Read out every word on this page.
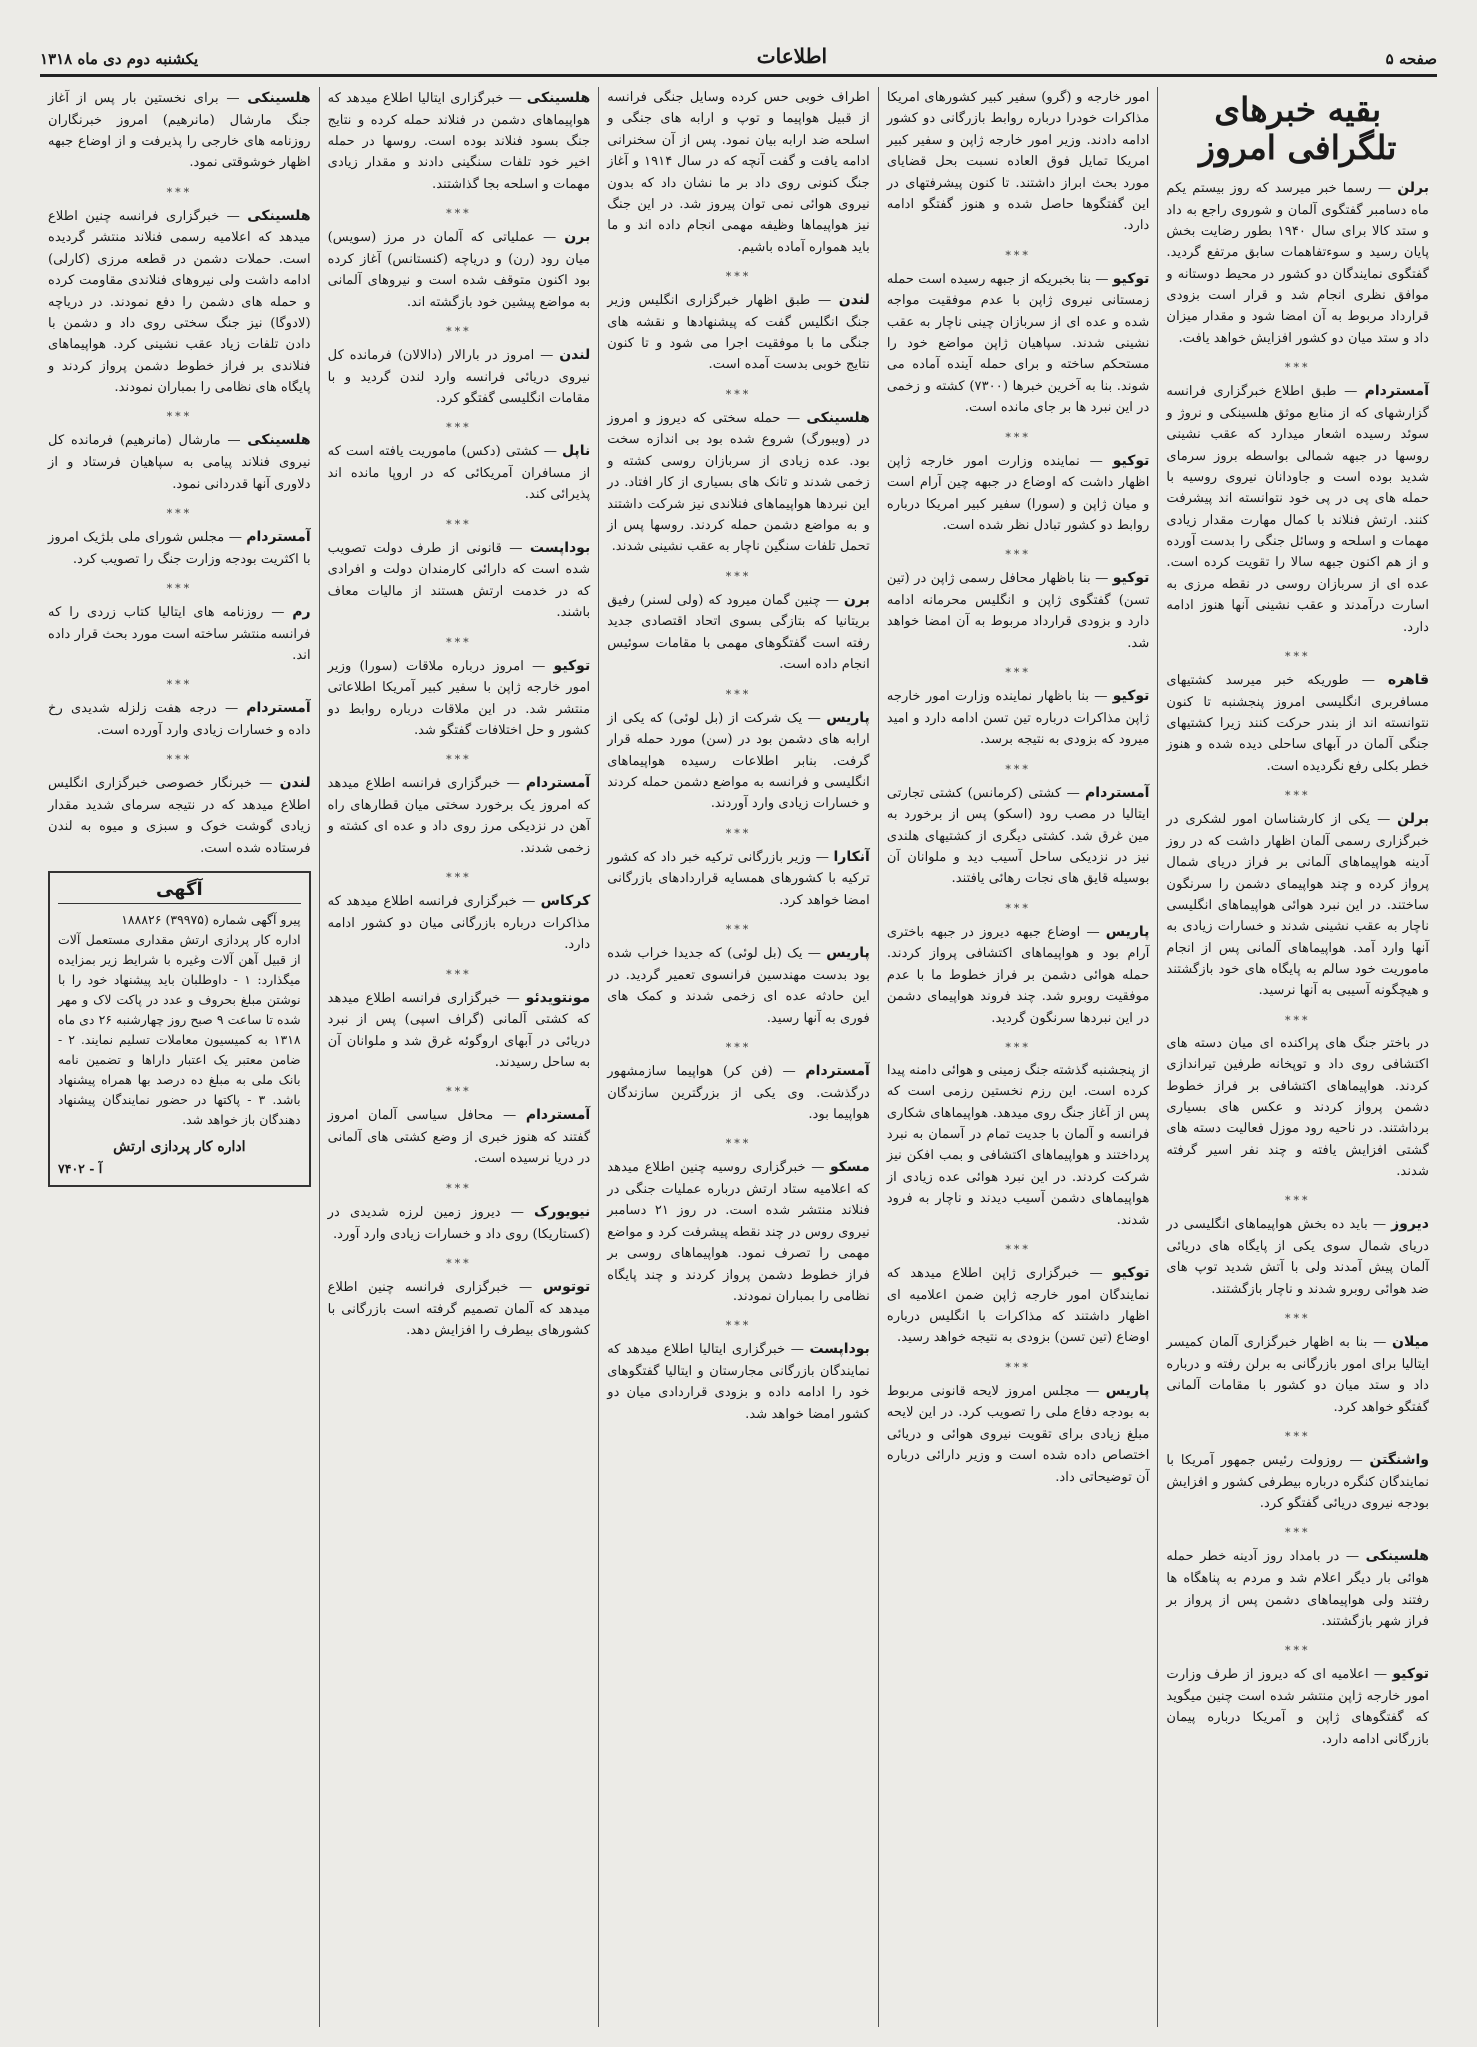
صفحه ۵
اطلاعات
یکشنبه دوم دی ماه ۱۳۱۸
بقیه خبرهای تلگرافی امروز

برلن — رسما خبر میرسد که روز بیستم یکم ماه دسامبر گفتگوی آلمان و شوروی راجع به داد و ستد کالا برای سال ۱۹۴۰ بطور رضایت بخش پایان رسید و سوءتفاهمات سابق مرتفع گردید. گفتگوی نمایندگان دو کشور در محیط دوستانه و موافق نظری انجام شد و قرار است بزودی قرارداد مربوط به آن امضا شود و مقدار میزان داد و ستد میان دو کشور افزایش خواهد یافت.

***

آمستردام — طبق اطلاع خبرگزاری فرانسه گزارشهای که از منابع موثق هلسینکی و نروژ و سوئد رسیده اشعار میدارد که عقب نشینی روسها در جبهه شمالی بواسطه بروز سرمای شدید بوده است و جاودانان نیروی روسیه با حمله های پی در پی خود نتوانسته اند پیشرفت کنند. ارتش فنلاند با کمال مهارت مقدار زیادی مهمات و اسلحه و وسائل جنگی را بدست آورده و از هم اکنون جبهه سالا را تقویت کرده است. عده ای از سربازان روسی در نقطه مرزی به اسارت درآمدند و عقب نشینی آنها هنوز ادامه دارد.

***

قاهره — طوریکه خبر میرسد کشتیهای مسافربری انگلیسی امروز پنجشنبه تا کنون نتوانسته اند از بندر حرکت کنند زیرا کشتیهای جنگی آلمان در آبهای ساحلی دیده شده و هنوز خطر بکلی رفع نگردیده است.

***

برلن — یکی از کارشناسان امور لشکری در خبرگزاری رسمی آلمان اظهار داشت که در روز آدینه هواپیماهای آلمانی بر فراز دریای شمال پرواز کرده و چند هواپیمای دشمن را سرنگون ساختند. در این نبرد هوائی هواپیماهای انگلیسی ناچار به عقب نشینی شدند و خسارات زیادی به آنها وارد آمد. هواپیماهای آلمانی پس از انجام ماموریت خود سالم به پایگاه های خود بازگشتند و هیچگونه آسیبی به آنها نرسید.

***

در باختر جنگ های پراکنده ای میان دسته های اکتشافی روی داد و توپخانه طرفین تیراندازی کردند. هواپیماهای اکتشافی بر فراز خطوط دشمن پرواز کردند و عکس های بسیاری برداشتند. در ناحیه رود موزل فعالیت دسته های گشتی افزایش یافته و چند نفر اسیر گرفته شدند.

***

دیروز — باید ده بخش هواپیماهای انگلیسی در دریای شمال سوی یکی از پایگاه های دریائی آلمان پیش آمدند ولی با آتش شدید توپ های ضد هوائی روبرو شدند و ناچار بازگشتند.

***

میلان — بنا به اظهار خبرگزاری آلمان کمیسر ایتالیا برای امور بازرگانی به برلن رفته و درباره داد و ستد میان دو کشور با مقامات آلمانی گفتگو خواهد کرد.

***

واشنگتن — روزولت رئیس جمهور آمریکا با نمایندگان کنگره درباره بیطرفی کشور و افزایش بودجه نیروی دریائی گفتگو کرد.

***

هلسینکی — در بامداد روز آدینه خطر حمله هوائی بار دیگر اعلام شد و مردم به پناهگاه ها رفتند ولی هواپیماهای دشمن پس از پرواز بر فراز شهر بازگشتند.

***

توکیو — اعلامیه ای که دیروز از طرف وزارت امور خارجه ژاپن منتشر شده است چنین میگوید که گفتگوهای ژاپن و آمریکا درباره پیمان بازرگانی ادامه دارد.

امور خارجه و (گرو) سفیر کبیر کشورهای امریکا مذاکرات خودرا درباره روابط بازرگانی دو کشور ادامه دادند. وزیر امور خارجه ژاپن و سفیر کبیر امریکا تمایل فوق العاده نسبت بحل قضایای مورد بحث ابراز داشتند. تا کنون پیشرفتهای در این گفتگوها حاصل شده و هنوز گفتگو ادامه دارد.

***

توکیو — بنا بخبریکه از جبهه رسیده است حمله زمستانی نیروی ژاپن با عدم موفقیت مواجه شده و عده ای از سربازان چینی ناچار به عقب نشینی شدند. سپاهیان ژاپن مواضع خود را مستحکم ساخته و برای حمله آینده آماده می شوند. بنا به آخرین خبرها (۷۳۰۰) کشته و زخمی در این نبرد ها بر جای مانده است.

***

توکیو — نماینده وزارت امور خارجه ژاپن اظهار داشت که اوضاع در جبهه چین آرام است و میان ژاپن و (سورا) سفیر کبیر امریکا درباره روابط دو کشور تبادل نظر شده است.

***

توکیو — بنا باظهار محافل رسمی ژاپن در (تین تسن) گفتگوی ژاپن و انگلیس محرمانه ادامه دارد و بزودی قرارداد مربوط به آن امضا خواهد شد.

***

توکیو — بنا باظهار نماینده وزارت امور خارجه ژاپن مذاکرات درباره تین تسن ادامه دارد و امید میرود که بزودی به نتیجه برسد.

***

آمستردام — کشتی (کرمانس) کشتی تجارتی ایتالیا در مصب رود (اسکو) پس از برخورد به مین غرق شد. کشتی دیگری از کشتیهای هلندی نیز در نزدیکی ساحل آسیب دید و ملوانان آن بوسیله قایق های نجات رهائی یافتند.

***

پاریس — اوضاع جبهه دیروز در جبهه باختری آرام بود و هواپیماهای اکتشافی پرواز کردند. حمله هوائی دشمن بر فراز خطوط ما با عدم موفقیت روبرو شد. چند فروند هواپیمای دشمن در این نبردها سرنگون گردید.

***

از پنجشنبه گذشته جنگ زمینی و هوائی دامنه پیدا کرده است. این رزم نخستین رزمی است که پس از آغاز جنگ روی میدهد. هواپیماهای شکاری فرانسه و آلمان با جدیت تمام در آسمان به نبرد پرداختند و هواپیماهای اکتشافی و بمب افکن نیز شرکت کردند. در این نبرد هوائی عده زیادی از هواپیماهای دشمن آسیب دیدند و ناچار به فرود شدند.

***

توکیو — خبرگزاری ژاپن اطلاع میدهد که نمایندگان امور خارجه ژاپن ضمن اعلامیه ای اظهار داشتند که مذاکرات با انگلیس درباره اوضاع (تین تسن) بزودی به نتیجه خواهد رسید.

***

پاریس — مجلس امروز لایحه قانونی مربوط به بودجه دفاع ملی را تصویب کرد. در این لایحه مبلغ زیادی برای تقویت نیروی هوائی و دریائی اختصاص داده شده است و وزیر دارائی درباره آن توضیحاتی داد.

اطراف خوبی حس کرده وسایل جنگی فرانسه از قبیل هواپیما و توپ و ارابه های جنگی و اسلحه ضد ارابه بیان نمود. پس از آن سخنرانی ادامه یافت و گفت آنچه که در سال ۱۹۱۴ و آغاز جنگ کنونی روی داد بر ما نشان داد که بدون نیروی هوائی نمی توان پیروز شد. در این جنگ نیز هواپیماها وظیفه مهمی انجام داده اند و ما باید همواره آماده باشیم.

***

لندن — طبق اظهار خبرگزاری انگلیس وزیر جنگ انگلیس گفت که پیشنهادها و نقشه های جنگی ما با موفقیت اجرا می شود و تا کنون نتایج خوبی بدست آمده است.

***

هلسینکی — حمله سختی که دیروز و امروز در (ویبورگ) شروع شده بود بی اندازه سخت بود. عده زیادی از سربازان روسی کشته و زخمی شدند و تانک های بسیاری از کار افتاد. در این نبردها هواپیماهای فنلاندی نیز شرکت داشتند و به مواضع دشمن حمله کردند. روسها پس از تحمل تلفات سنگین ناچار به عقب نشینی شدند.

***

برن — چنین گمان میرود که (ولی لسنر) رفیق بریتانیا که بتازگی بسوی اتحاد اقتصادی جدید رفته است گفتگوهای مهمی با مقامات سوئیس انجام داده است.

***

پاریس — یک شرکت از (بل لوئی) که یکی از ارابه های دشمن بود در (سن) مورد حمله قرار گرفت. بنابر اطلاعات رسیده هواپیماهای انگلیسی و فرانسه به مواضع دشمن حمله کردند و خسارات زیادی وارد آوردند.

***

آنکارا — وزیر بازرگانی ترکیه خبر داد که کشور ترکیه با کشورهای همسایه قراردادهای بازرگانی امضا خواهد کرد.

***

پاریس — یک (بل لوئی) که جدیدا خراب شده بود بدست مهندسین فرانسوی تعمیر گردید. در این حادثه عده ای زخمی شدند و کمک های فوری به آنها رسید.

***

آمستردام — (فن کر) هواپیما سازمشهور درگذشت. وی یکی از بزرگترین سازندگان هواپیما بود.

***

مسکو — خبرگزاری روسیه چنین اطلاع میدهد که اعلامیه ستاد ارتش درباره عملیات جنگی در فنلاند منتشر شده است. در روز ۲۱ دسامبر نیروی روس در چند نقطه پیشرفت کرد و مواضع مهمی را تصرف نمود. هواپیماهای روسی بر فراز خطوط دشمن پرواز کردند و چند پایگاه نظامی را بمباران نمودند.

***

بوداپست — خبرگزاری ایتالیا اطلاع میدهد که نمایندگان بازرگانی مجارستان و ایتالیا گفتگوهای خود را ادامه داده و بزودی قراردادی میان دو کشور امضا خواهد شد.

هلسینکی — خبرگزاری ایتالیا اطلاع میدهد که هواپیماهای دشمن در فنلاند حمله کرده و نتایج جنگ بسود فنلاند بوده است. روسها در حمله اخیر خود تلفات سنگینی دادند و مقدار زیادی مهمات و اسلحه بجا گذاشتند.

***

برن — عملیاتی که آلمان در مرز (سویس) میان رود (رن) و دریاچه (کنستانس) آغاز کرده بود اکنون متوقف شده است و نیروهای آلمانی به مواضع پیشین خود بازگشته اند.

***

لندن — امروز در بارالار (دالالان) فرمانده کل نیروی دریائی فرانسه وارد لندن گردید و با مقامات انگلیسی گفتگو کرد.

***

ناپل — کشتی (دکس) ماموریت یافته است که از مسافران آمریکائی که در اروپا مانده اند پذیرائی کند.

***

بوداپست — قانونی از طرف دولت تصویب شده است که دارائی کارمندان دولت و افرادی که در خدمت ارتش هستند از مالیات معاف باشند.

***

توکیو — امروز درباره ملاقات (سورا) وزیر امور خارجه ژاپن با سفیر کبیر آمریکا اطلاعاتی منتشر شد. در این ملاقات درباره روابط دو کشور و حل اختلافات گفتگو شد.

***

آمستردام — خبرگزاری فرانسه اطلاع میدهد که امروز یک برخورد سختی میان قطارهای راه آهن در نزدیکی مرز روی داد و عده ای کشته و زخمی شدند.

***

کرکاس — خبرگزاری فرانسه اطلاع میدهد که مذاکرات درباره بازرگانی میان دو کشور ادامه دارد.

***

مونتویدئو — خبرگزاری فرانسه اطلاع میدهد که کشتی آلمانی (گراف اسپی) پس از نبرد دریائی در آبهای اروگوئه غرق شد و ملوانان آن به ساحل رسیدند.

***

آمستردام — محافل سیاسی آلمان امروز گفتند که هنوز خبری از وضع کشتی های آلمانی در دریا نرسیده است.

***

نیویورک — دیروز زمین لرزه شدیدی در (کستاریکا) روی داد و خسارات زیادی وارد آورد.

***

توتوس — خبرگزاری فرانسه چنین اطلاع میدهد که آلمان تصمیم گرفته است بازرگانی با کشورهای بیطرف را افزایش دهد.

هلسینکی — برای نخستین بار پس از آغاز جنگ مارشال (مانرهیم) امروز خبرنگاران روزنامه های خارجی را پذیرفت و از اوضاع جبهه اظهار خوشوقتی نمود.

***

هلسینکی — خبرگزاری فرانسه چنین اطلاع میدهد که اعلامیه رسمی فنلاند منتشر گردیده است. حملات دشمن در قطعه مرزی (کارلی) ادامه داشت ولی نیروهای فنلاندی مقاومت کرده و حمله های دشمن را دفع نمودند. در دریاچه (لادوگا) نیز جنگ سختی روی داد و دشمن با دادن تلفات زیاد عقب نشینی کرد. هواپیماهای فنلاندی بر فراز خطوط دشمن پرواز کردند و پایگاه های نظامی را بمباران نمودند.

***

هلسینکی — مارشال (مانرهیم) فرمانده کل نیروی فنلاند پیامی به سپاهیان فرستاد و از دلاوری آنها قدردانی نمود.

***

آمستردام — مجلس شورای ملی بلژیک امروز با اکثریت بودجه وزارت جنگ را تصویب کرد.

***

رم — روزنامه های ایتالیا کتاب زردی را که فرانسه منتشر ساخته است مورد بحث قرار داده اند.

***

آمستردام — درجه هفت زلزله شدیدی رخ داده و خسارات زیادی وارد آورده است.

***

لندن — خبرنگار خصوصی خبرگزاری انگلیس اطلاع میدهد که در نتیجه سرمای شدید مقدار زیادی گوشت خوک و سبزی و میوه به لندن فرستاده شده است.

آگهی

پیرو آگهی شماره (۳۹۹۷۵) ۱۸۸۸۲۶

اداره کار پردازی ارتش مقداری مستعمل آلات از قبیل آهن آلات وغیره با شرایط زیر بمزایده میگذارد: ۱ - داوطلبان باید پیشنهاد خود را با نوشتن مبلغ بحروف و عدد در پاکت لاک و مهر شده تا ساعت ۹ صبح روز چهارشنبه ۲۶ دی ماه ۱۳۱۸ به کمیسیون معاملات تسلیم نمایند. ۲ - ضامن معتبر یک اعتبار داراها و تضمین نامه بانک ملی به مبلغ ده درصد بها همراه پیشنهاد باشد. ۳ - پاکتها در حضور نمایندگان پیشنهاد دهندگان باز خواهد شد.

اداره کار پردازی ارتش

آ - ۷۴۰۲
